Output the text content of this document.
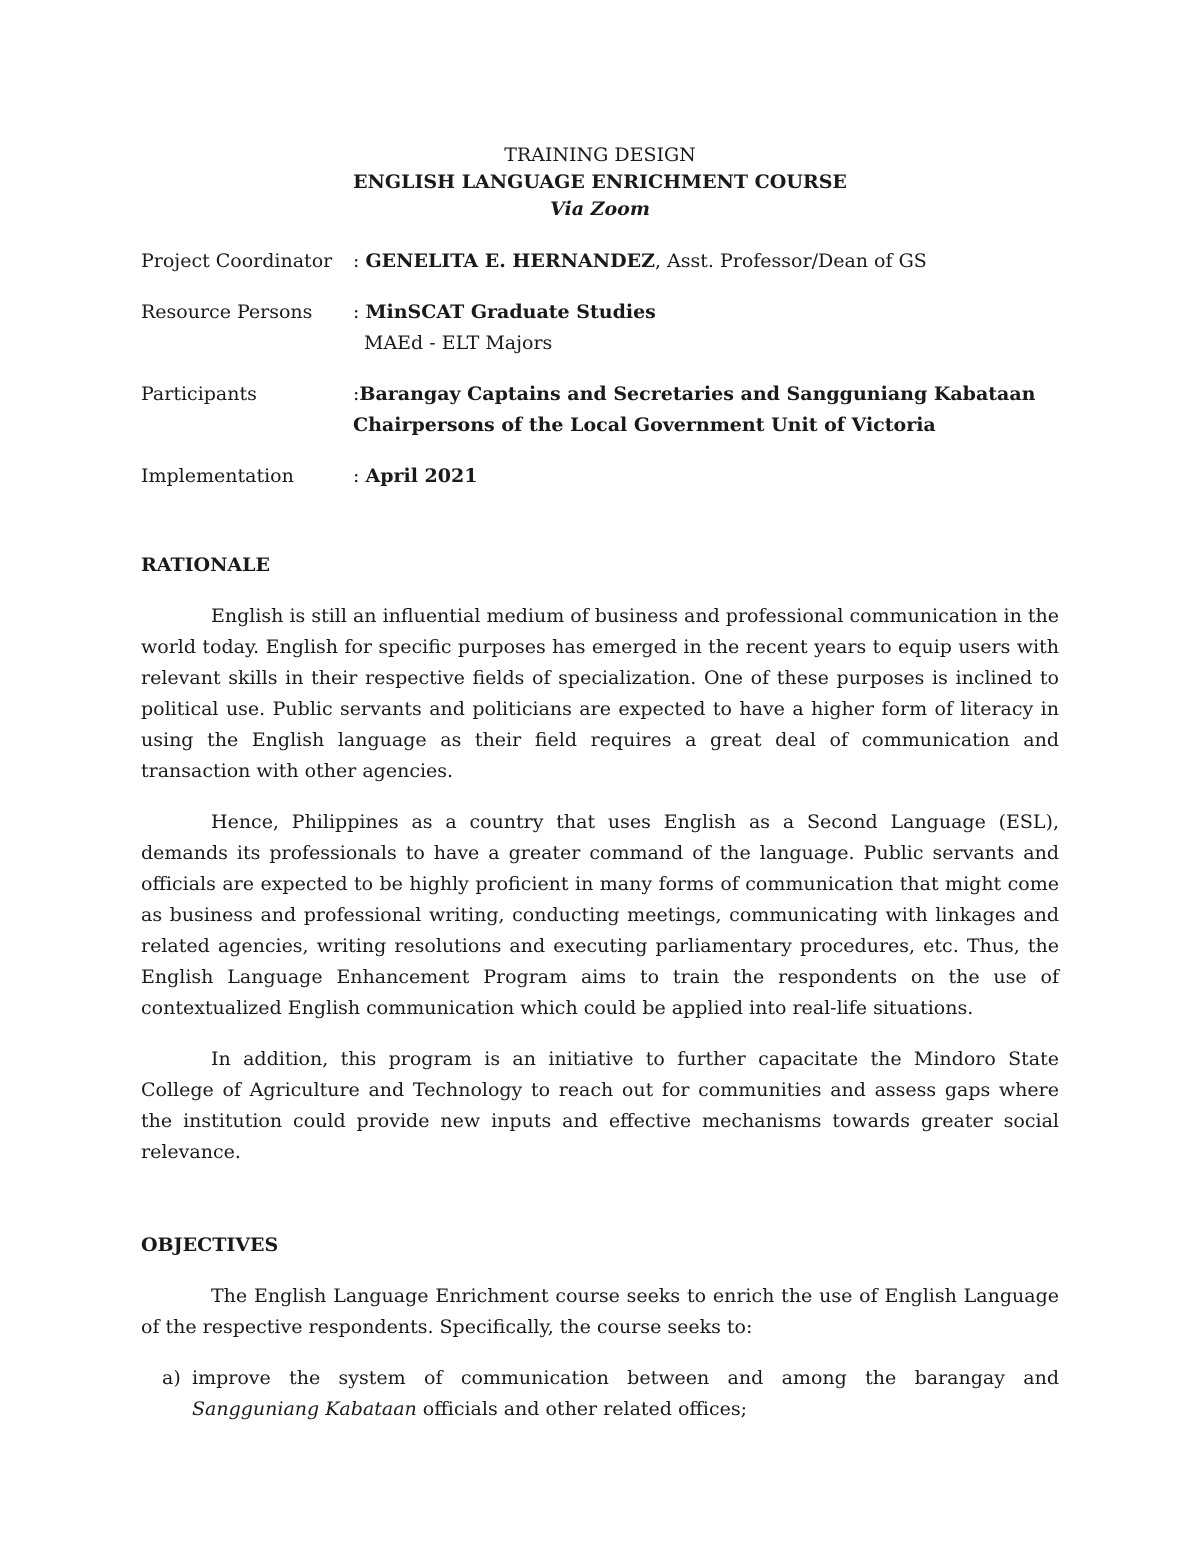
TRAINING DESIGN
ENGLISH LANGUAGE ENRICHMENT COURSE
Via Zoom
Project Coordinator	: GENELITA E. HERNANDEZ, Asst. Professor/Dean of GS
Resource Persons	: MinSCAT Graduate Studies
MAEd - ELT Majors
Participants	:Barangay Captains and Secretaries and Sangguniang Kabataan
Chairpersons of the Local Government Unit of Victoria
Implementation	: April 2021
RATIONALE

English is still an influential medium of business and professional communication in the world today. English for specific purposes has emerged in the recent years to equip users with relevant skills in their respective fields of specialization. One of these purposes is inclined to political use. Public servants and politicians are expected to have a higher form of literacy in using the English language as their field requires a great deal of communication and transaction with other agencies.

Hence, Philippines as a country that uses English as a Second Language (ESL), demands its professionals to have a greater command of the language. Public servants and officials are expected to be highly proficient in many forms of communication that might come as business and professional writing, conducting meetings, communicating with linkages and related agencies, writing resolutions and executing parliamentary procedures, etc. Thus, the English Language Enhancement Program aims to train the respondents on the use of contextualized English communication which could be applied into real-life situations.

In addition, this program is an initiative to further capacitate the Mindoro State College of Agriculture and Technology to reach out for communities and assess gaps where the institution could provide new inputs and effective mechanisms towards greater social relevance.

OBJECTIVES

The English Language Enrichment course seeks to enrich the use of English Language of the respective respondents. Specifically, the course seeks to:

a) improve the system of communication between and among the barangay and
Sangguniang Kabataan officials and other related offices;
